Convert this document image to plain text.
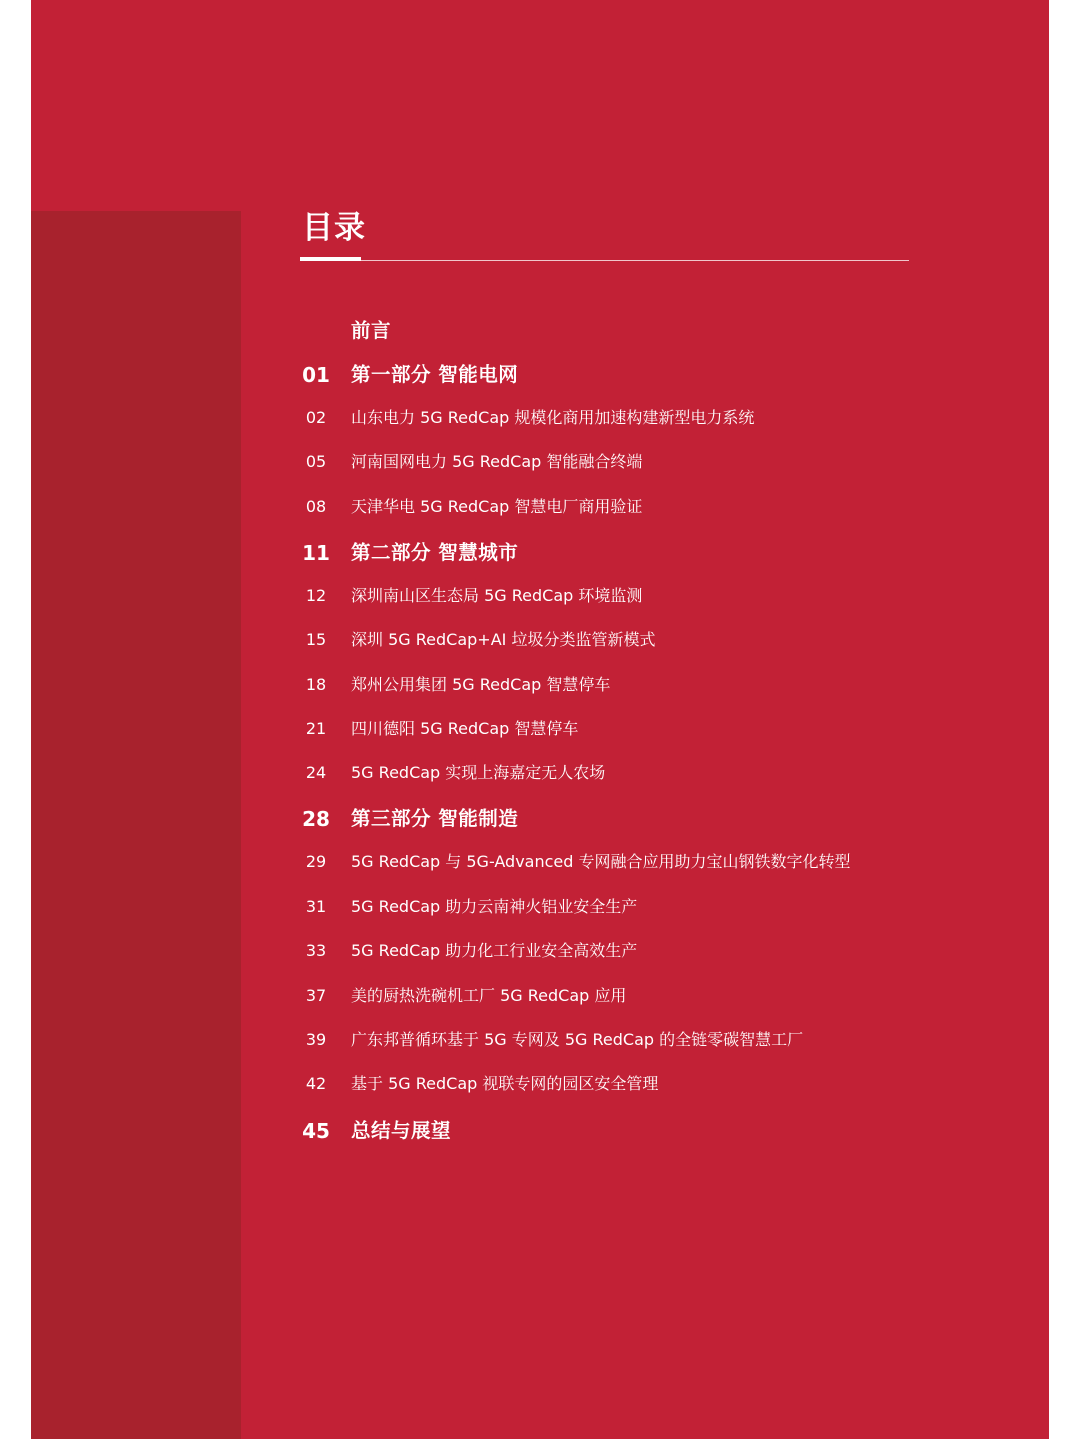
目录
前言
01	第一部分 智能电网
02	山东电力 5G RedCap 规模化商用加速构建新型电力系统
05	河南国网电力 5G RedCap 智能融合终端
08	天津华电 5G RedCap 智慧电厂商用验证
11	第二部分 智慧城市
12	深圳南山区生态局 5G RedCap 环境监测
15	深圳 5G RedCap+AI 垃圾分类监管新模式
18	郑州公用集团 5G RedCap 智慧停车
21	四川德阳 5G RedCap 智慧停车
24	5G RedCap 实现上海嘉定无人农场
28	第三部分 智能制造
29	5G RedCap 与 5G-Advanced 专网融合应用助力宝山钢铁数字化转型
31	5G RedCap 助力云南神火铝业安全生产
33	5G RedCap 助力化工行业安全高效生产
37	美的厨热洗碗机工厂 5G RedCap 应用
39	广东邦普循环基于 5G 专网及 5G RedCap 的全链零碳智慧工厂
42	基于 5G RedCap 视联专网的园区安全管理
45	总结与展望
